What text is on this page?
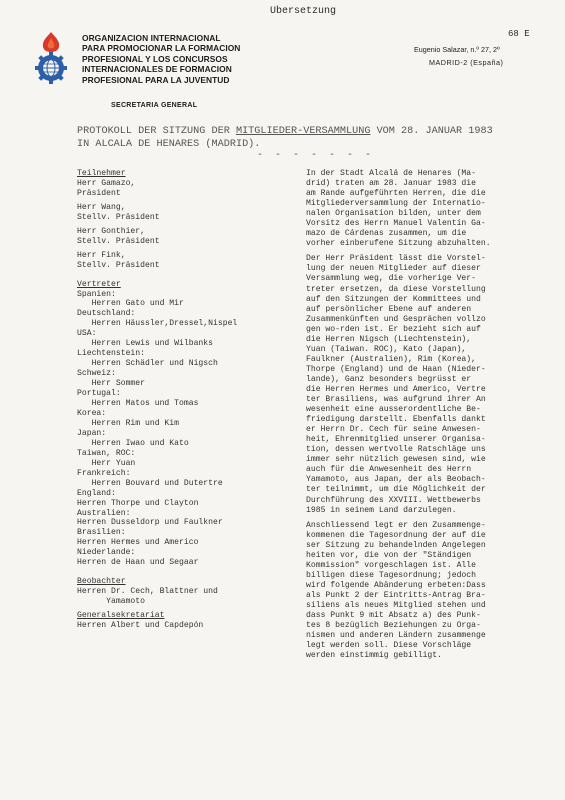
Ubersetzung
68 E
ORGANIZACION INTERNACIONAL
PARA PROMOCIONAR LA FORMACION
PROFESIONAL Y LOS CONCURSOS
INTERNACIONALES DE FORMACION
PROFESIONAL PARA LA JUVENTUD
SECRETARIA GENERAL
Eugenio Salazar, n.º 27, 2º
MADRID-2 (España)
PROTOKOLL DER SITZUNG DER MITGLIEDER-VERSAMMLUNG VOM 28. JANUAR 1983
IN ALCALA DE HENARES (MADRID).
- - - - - - -
Teilnehmer
Herr Gamazo,
Präsident
Herr Wang,
Stellv. Präsident
Herr Gonthier,
Stellv. Präsident
Herr Fink,
Stellv. Präsident
Vertreter
Spanien:
Herren Gato und Mir
Deutschland:
Herren Häussler,Dressel,Nispel
USA:
Herren Lewis und Wilbanks
Liechtenstein:
Herren Schädler und Nigsch
Schweiz:
Herr Sommer
Portugal:
Herren Matos und Tomas
Korea:
Herren Rim und Kim
Japan:
Herren Iwao und Kato
Taiwan, ROC:
Herr Yuan
Frankreich:
Herren Bouvard und Dutertre
England:
Herren Thorpe und Clayton
Australien:
Herren Dusseldorp und Faulkner
Brasilien:
Herren Hermes und Americo
Niederlande:
Herren de Haan und Segaar
Beobachter
Herren Dr. Cech, Blattner und
Yamamoto
Generalsekretariat
Herren Albert und Capdepón

In der Stadt Alcalá de Henares (Ma-
drid) traten am 28. Januar 1983 die
am Rande aufgeführten Herren, die die
Mitgliederversammlung der Internatio-
nalen Organisation bilden, unter dem
Vorsitz des Herrn Manuel Valentín Ga-
mazo de Cárdenas zusammen, um die
vorher einberufene Sitzung abzuhalten.

Der Herr Präsident lässt die Vorstel-
lung der neuen Mitglieder auf dieser
Versammlung weg, die vorherige Ver-
treter ersetzen, da diese Vorstellung
auf den Sitzungen der Kommittees und
auf persönlicher Ebene auf anderen
Zusammenkünften und Gesprächen vollzo
gen wo-rden ist. Er bezieht sich auf
die Herren Nigsch (Liechtenstein),
Yuan (Taiwan. ROC), Kato (Japan),
Faulkner (Australien), Rim (Korea),
Thorpe (England) und de Haan (Nieder-
lande), Ganz besonders begrüsst er
die Herren Hermes und Americo, Vertre
ter Brasiliens, was aufgrund ihrer An
wesenheit eine ausserordentliche Be-
friedigung darstellt. Ebenfalls dankt
er Herrn Dr. Cech für seine Anwesen-
heit, Ehrenmitglied unserer Organisa-
tion, dessen wertvolle Ratschläge uns
immer sehr nützlich gewesen sind, wie
auch für die Anwesenheit des Herrn
Yamamoto, aus Japan, der als Beobach-
ter teilnimmt, um die Möglichkeit der
Durchführung des XXVIII. Wettbewerbs
1985 in seinem Land darzulegen.

Anschliessend legt er den Zusammenge-
kommenen die Tagesordnung der auf die
ser Sitzung zu behandelnden Angelegen
heiten vor, die von der "Ständigen
Kommission" vorgeschlagen ist. Alle
billigen diese Tagesordnung; jedoch
wird folgende Abänderung erbeten:Dass
als Punkt 2 der Eintritts-Antrag Bra-
siliens als neues Mitglied stehen und
dass Punkt 9 mit Absatz a) des Punk-
tes 8 bezüglich Beziehungen zu Orga-
nismen und anderen Ländern zusammenge
legt werden soll. Diese Vorschläge
werden einstimmig gebilligt.
